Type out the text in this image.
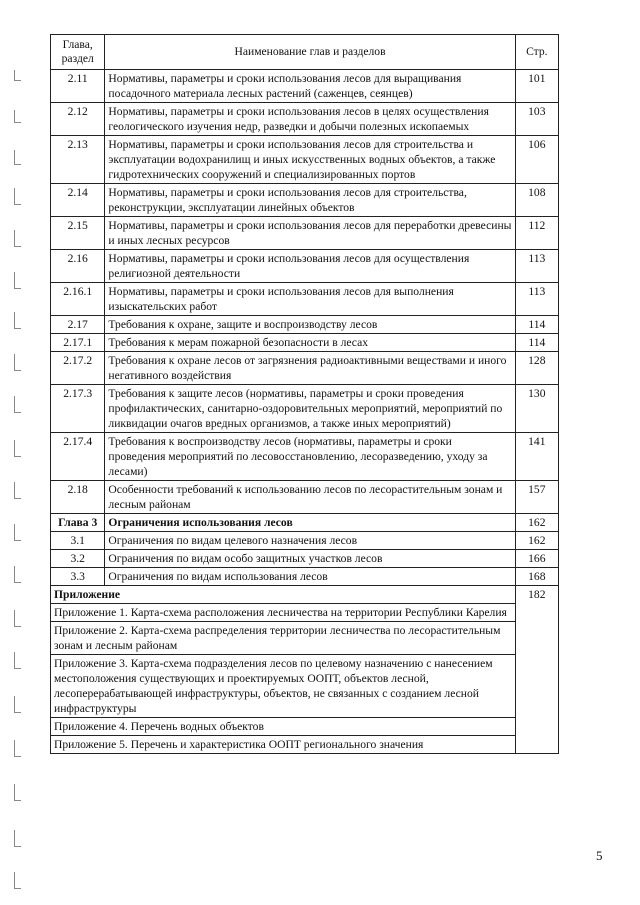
Глава, раздел	Наименование глав и разделов	Стр.
2.11	Нормативы, параметры и сроки использования лесов для выращивания посадочного материала лесных растений (саженцев, сеянцев)	101
2.12	Нормативы, параметры и сроки использования лесов в целях осуществления геологического изучения недр, разведки и добычи полезных ископаемых	103
2.13	Нормативы, параметры и сроки использования лесов для строительства и эксплуатации водохранилищ и иных искусственных водных объектов, а также гидротехнических сооружений и специализированных портов	106
2.14	Нормативы, параметры и сроки использования лесов для строительства, реконструкции, эксплуатации линейных объектов	108
2.15	Нормативы, параметры и сроки использования лесов для переработки древесины и иных лесных ресурсов	112
2.16	Нормативы, параметры и сроки использования лесов для осуществления религиозной деятельности	113
2.16.1	Нормативы, параметры и сроки использования лесов для выполнения изыскательских работ	113
2.17	Требования к охране, защите и воспроизводству лесов	114
2.17.1	Требования к мерам пожарной безопасности в лесах	114
2.17.2	Требования к охране лесов от загрязнения радиоактивными веществами и иного негативного воздействия	128
2.17.3	Требования к защите лесов (нормативы, параметры и сроки проведения профилактических, санитарно-оздоровительных мероприятий, мероприятий по ликвидации очагов вредных организмов, а также иных мероприятий)	130
2.17.4	Требования к воспроизводству лесов (нормативы, параметры и сроки проведения мероприятий по лесовосстановлению, лесоразведению, уходу за лесами)	141
2.18	Особенности требований к использованию лесов по лесорастительным зонам и лесным районам	157
Глава 3	Ограничения использования лесов	162
3.1	Ограничения по видам целевого назначения лесов	162
3.2	Ограничения по видам особо защитных участков лесов	166
3.3	Ограничения по видам использования лесов	168
Приложение		182
Приложение 1. Карта-схема расположения лесничества на территории Республики Карелия		
Приложение 2. Карта-схема распределения территории лесничества по лесорастительным зонам и лесным районам		
Приложение 3. Карта-схема подразделения лесов по целевому назначению с нанесением местоположения существующих и проектируемых ООПТ, объектов лесной, лесоперерабатывающей инфраструктуры, объектов, не связанных с созданием лесной инфраструктуры		
Приложение 4. Перечень водных объектов		
Приложение 5. Перечень и характеристика ООПТ регионального значения		
5
